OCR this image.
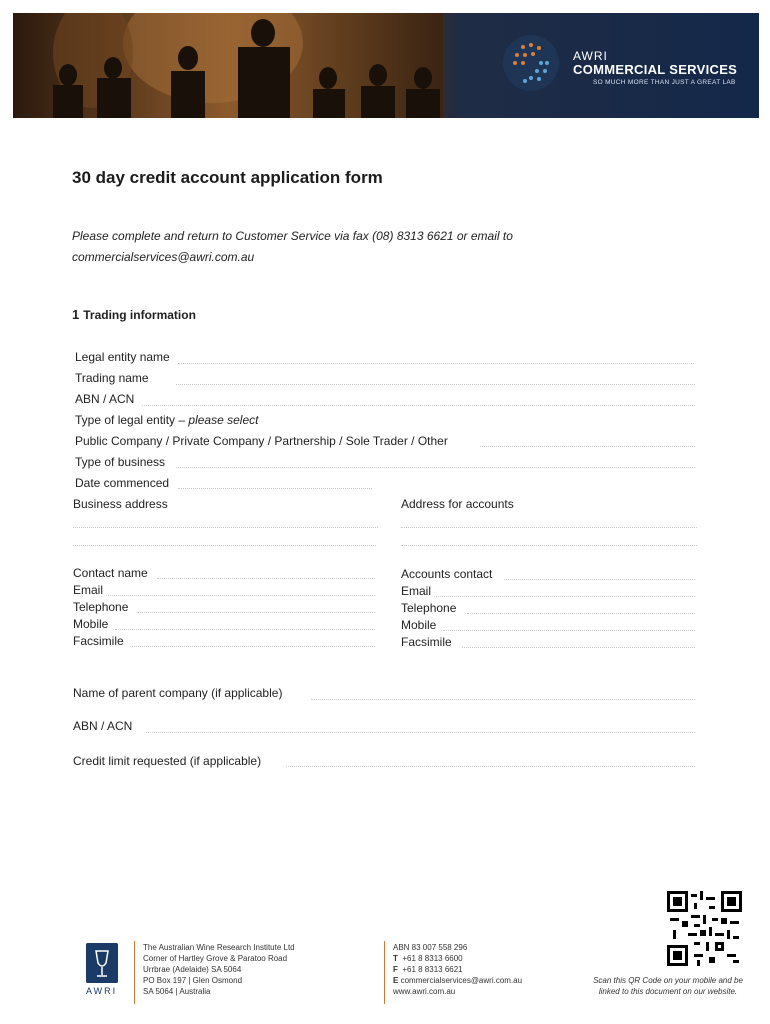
AWRI
COMMERCIAL SERVICES
SO MUCH MORE THAN JUST A GREAT LAB
30 day credit account application form
Please complete and return to Customer Service via fax (08) 8313 6621 or email to
commercialservices@awri.com.au
1 Trading information
Legal entity name
Trading name
ABN / ACN
Type of legal entity – please select
Public Company / Private Company / Partnership / Sole Trader / Other
Type of business
Date commenced
Business address	Address for accounts
Contact name
Email
Telephone
Mobile
Facsimile
Accounts contact
Email
Telephone
Mobile
Facsimile
Name of parent company (if applicable)
ABN / ACN
Credit limit requested (if applicable)
AWRI
The Australian Wine Research Institute Ltd
Corner of Hartley Grove & Paratoo Road
Urrbrae (Adelaide) SA 5064
PO Box 197 | Glen Osmond
SA 5064 | Australia
ABN 83 007 558 296
T +61 8 8313 6600
F +61 8 8313 6621
E commercialservices@awri.com.au
www.awri.com.au
Scan this QR Code on your mobile and be
linked to this document on our website.
